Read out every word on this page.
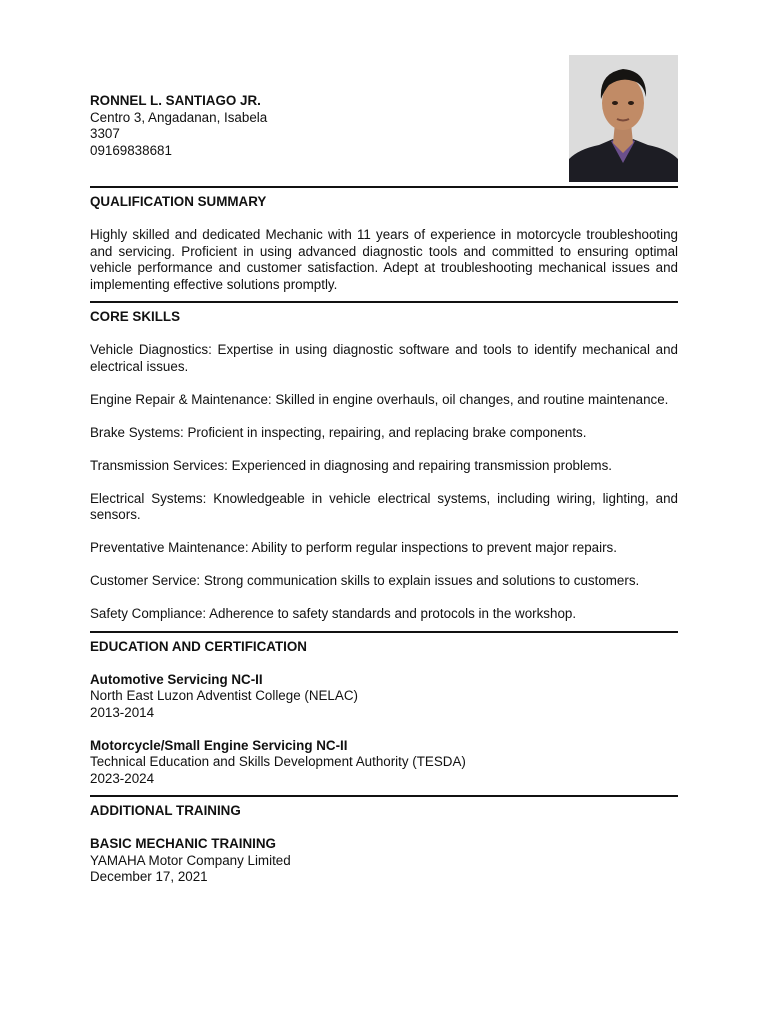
RONNEL L. SANTIAGO JR.
Centro 3, Angadanan, Isabela
3307
09169838681
QUALIFICATION SUMMARY

Highly skilled and dedicated Mechanic with 11 years of experience in motorcycle troubleshooting and servicing. Proficient in using advanced diagnostic tools and committed to ensuring optimal vehicle performance and customer satisfaction. Adept at troubleshooting mechanical issues and implementing effective solutions promptly.

CORE SKILLS

Vehicle Diagnostics: Expertise in using diagnostic software and tools to identify mechanical and electrical issues.

Engine Repair & Maintenance: Skilled in engine overhauls, oil changes, and routine maintenance.

Brake Systems: Proficient in inspecting, repairing, and replacing brake components.

Transmission Services: Experienced in diagnosing and repairing transmission problems.

Electrical Systems: Knowledgeable in vehicle electrical systems, including wiring, lighting, and sensors.

Preventative Maintenance: Ability to perform regular inspections to prevent major repairs.

Customer Service: Strong communication skills to explain issues and solutions to customers.

Safety Compliance: Adherence to safety standards and protocols in the workshop.

EDUCATION AND CERTIFICATION
Automotive Servicing NC-II
North East Luzon Adventist College (NELAC)
2013-2014
Motorcycle/Small Engine Servicing NC-II
Technical Education and Skills Development Authority (TESDA)
2023-2024
ADDITIONAL TRAINING
BASIC MECHANIC TRAINING
YAMAHA Motor Company Limited
December 17, 2021
